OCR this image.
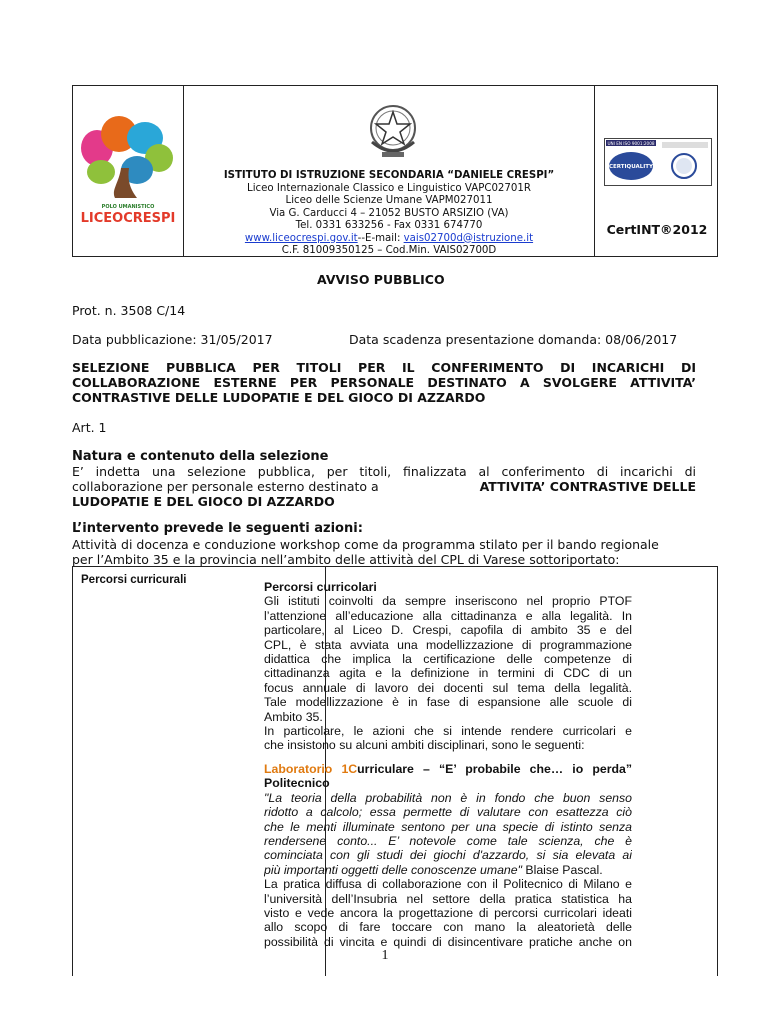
POLO UMANISTICO
LICEOCRESPI
ISTITUTO DI ISTRUZIONE SECONDARIA “DANIELE CRESPI”
Liceo Internazionale Classico e Linguistico VAPC02701R
Liceo delle Scienze Umane VAPM027011
Via G. Carducci 4 – 21052 BUSTO ARSIZIO (VA)
Tel. 0331 633256 - Fax 0331 674770
www.liceocrespi.gov.it--E-mail: vais02700d@istruzione.it
C.F. 81009350125 – Cod.Min. VAIS02700D
UNI EN ISO 9001:2008
CERTIQUALITY
CertINT®2012
AVVISO PUBBLICO
Prot. n. 3508 C/14
Data pubblicazione: 31/05/2017	Data scadenza presentazione domanda: 08/06/2017
SELEZIONE PUBBLICA PER TITOLI PER IL CONFERIMENTO DI INCARICHI DI
COLLABORAZIONE ESTERNE PER PERSONALE DESTINATO A SVOLGERE ATTIVITA’
CONTRASTIVE DELLE LUDOPATIE E DEL GIOCO DI AZZARDO
Art. 1
Natura e contenuto della selezione
E’ indetta una selezione pubblica, per titoli, finalizzata al conferimento di incarichi di
collaborazione per personale esterno destinato a	ATTIVITA’ CONTRASTIVE DELLE
LUDOPATIE E DEL GIOCO DI AZZARDO
L’intervento prevede le seguenti azioni:
Attività di docenza e conduzione workshop come da programma stilato per il bando regionale
per l’Ambito 35 e la provincia nell’ambito delle attività del CPL di Varese sottoriportato:
Percorsi curricurali	Percorsi curricolari
Gli istituti coinvolti da sempre inseriscono nel proprio PTOF
l’attenzione all’educazione alla cittadinanza e alla legalità. In
particolare, al Liceo D. Crespi, capofila di ambito 35 e del
CPL, è stata avviata una modellizzazione di programmazione
didattica che implica la certificazione delle competenze di
cittadinanza agita e la definizione in termini di CDC di un
focus annuale di lavoro dei docenti sul tema della legalità.
Tale modellizzazione è in fase di espansione alle scuole di
Ambito 35.
In particolare, le azioni che si intende rendere curricolari e
che insistono su alcuni ambiti disciplinari, sono le seguenti:
Laboratorio 1Curriculare – “E’ probabile che… io perda”
Politecnico
"La teoria della probabilità non è in fondo che buon senso
ridotto a calcolo; essa permette di valutare con esattezza ciò
che le menti illuminate sentono per una specie di istinto senza
rendersene conto... E’ notevole come tale scienza, che è
cominciata con gli studi dei giochi d'azzardo, si sia elevata ai
più importanti oggetti delle conoscenze umane" Blaise Pascal.
La pratica diffusa di collaborazione con il Politecnico di Milano e
l’università dell’Insubria nel settore della pratica statistica ha
visto e vede ancora la progettazione di percorsi curricolari ideati
allo scopo di fare toccare con mano la aleatorietà delle
possibilità di vincita e quindi di disincentivare pratiche anche on
1
